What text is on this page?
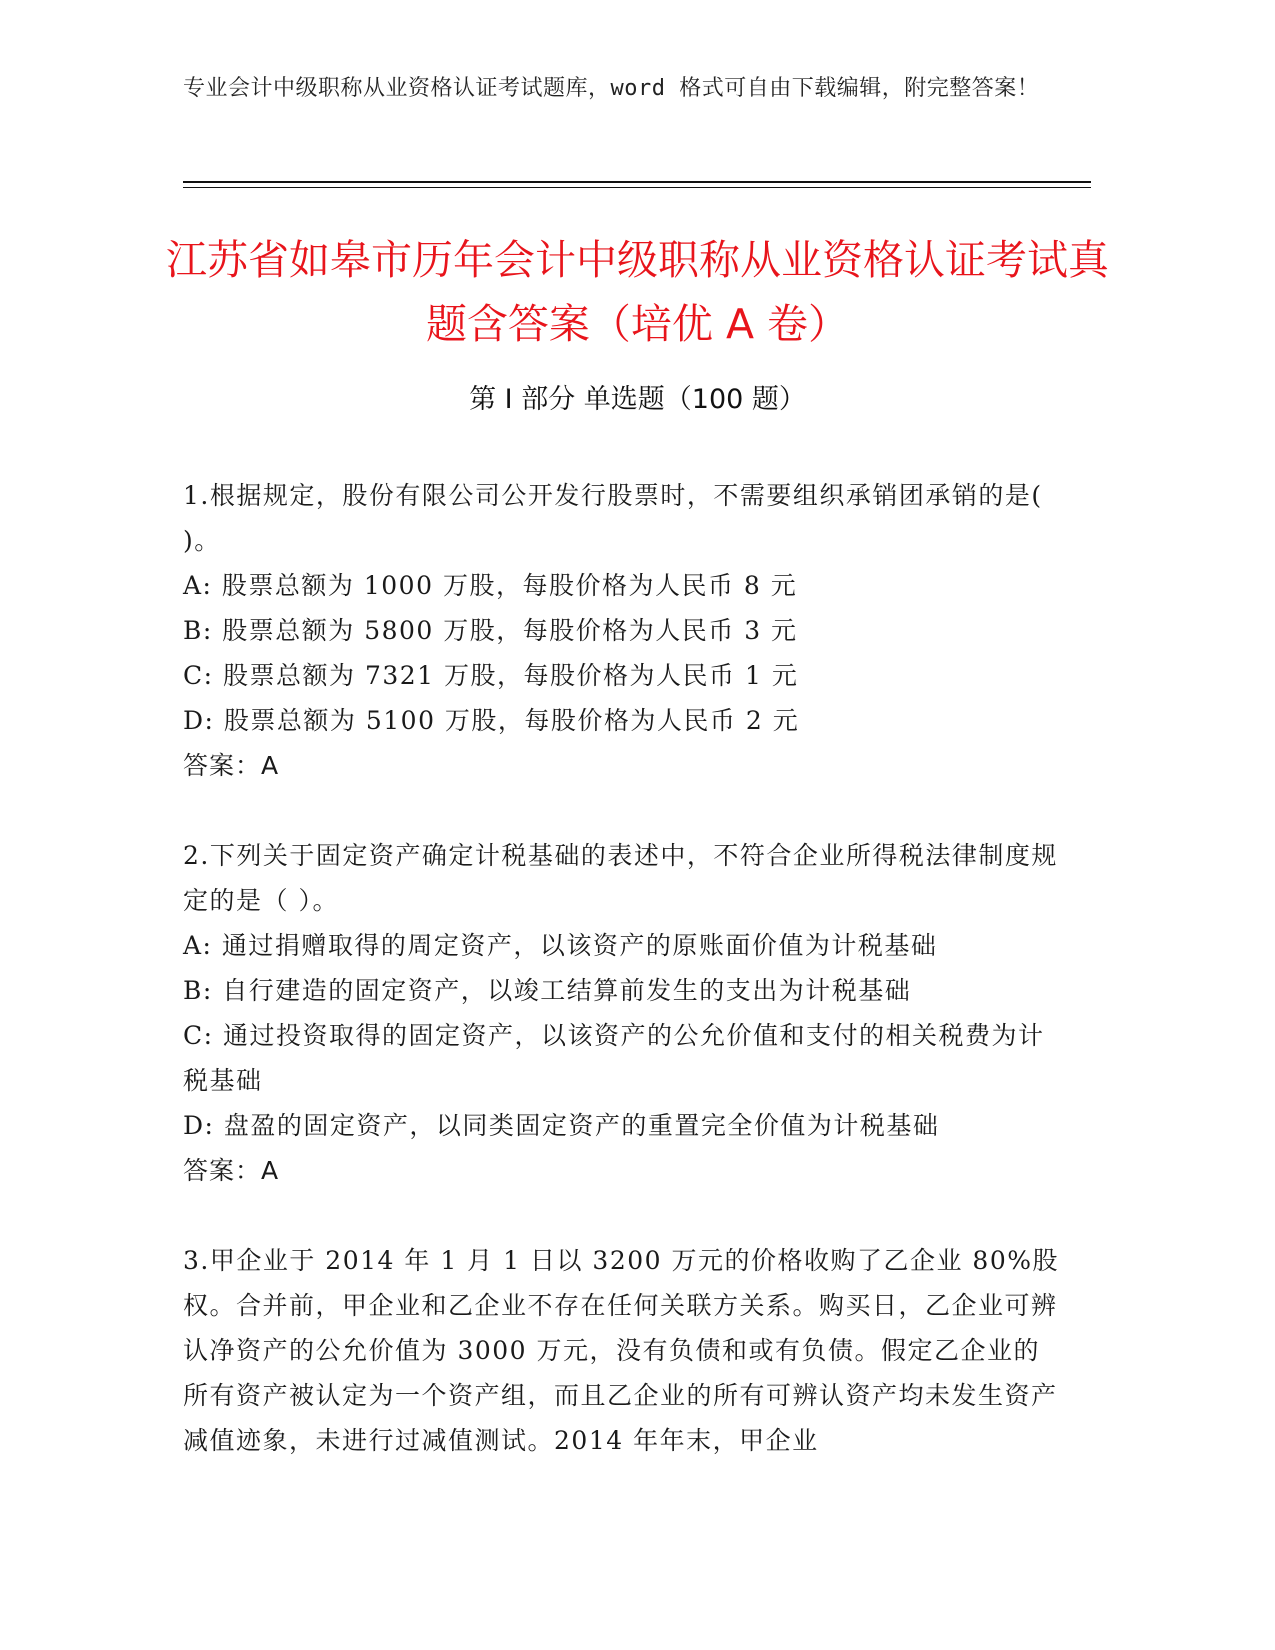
专业会计中级职称从业资格认证考试题库，word 格式可自由下载编辑，附完整答案！
江苏省如皋市历年会计中级职称从业资格认证考试真题含答案（培优 A 卷）
第 I 部分 单选题（100 题）

1.根据规定，股份有限公司公开发行股票时，不需要组织承销团承销的是( )。

A: 股票总额为 1000 万股，每股价格为人民币 8 元

B: 股票总额为 5800 万股，每股价格为人民币 3 元

C: 股票总额为 7321 万股，每股价格为人民币 1 元

D: 股票总额为 5100 万股，每股价格为人民币 2 元

答案：A

2.下列关于固定资产确定计税基础的表述中，不符合企业所得税法律制度规定的是（ ）。

A: 通过捐赠取得的周定资产，以该资产的原账面价值为计税基础

B: 自行建造的固定资产，以竣工结算前发生的支出为计税基础

C: 通过投资取得的固定资产，以该资产的公允价值和支付的相关税费为计税基础

D: 盘盈的固定资产，以同类固定资产的重置完全价值为计税基础

答案：A

3.甲企业于 2014 年 1 月 1 日以 3200 万元的价格收购了乙企业 80%股权。合并前，甲企业和乙企业不存在任何关联方关系。购买日，乙企业可辨认净资产的公允价值为 3000 万元，没有负债和或有负债。假定乙企业的所有资产被认定为一个资产组，而且乙企业的所有可辨认资产均未发生资产减值迹象，未进行过减值测试。2014 年年末，甲企业
